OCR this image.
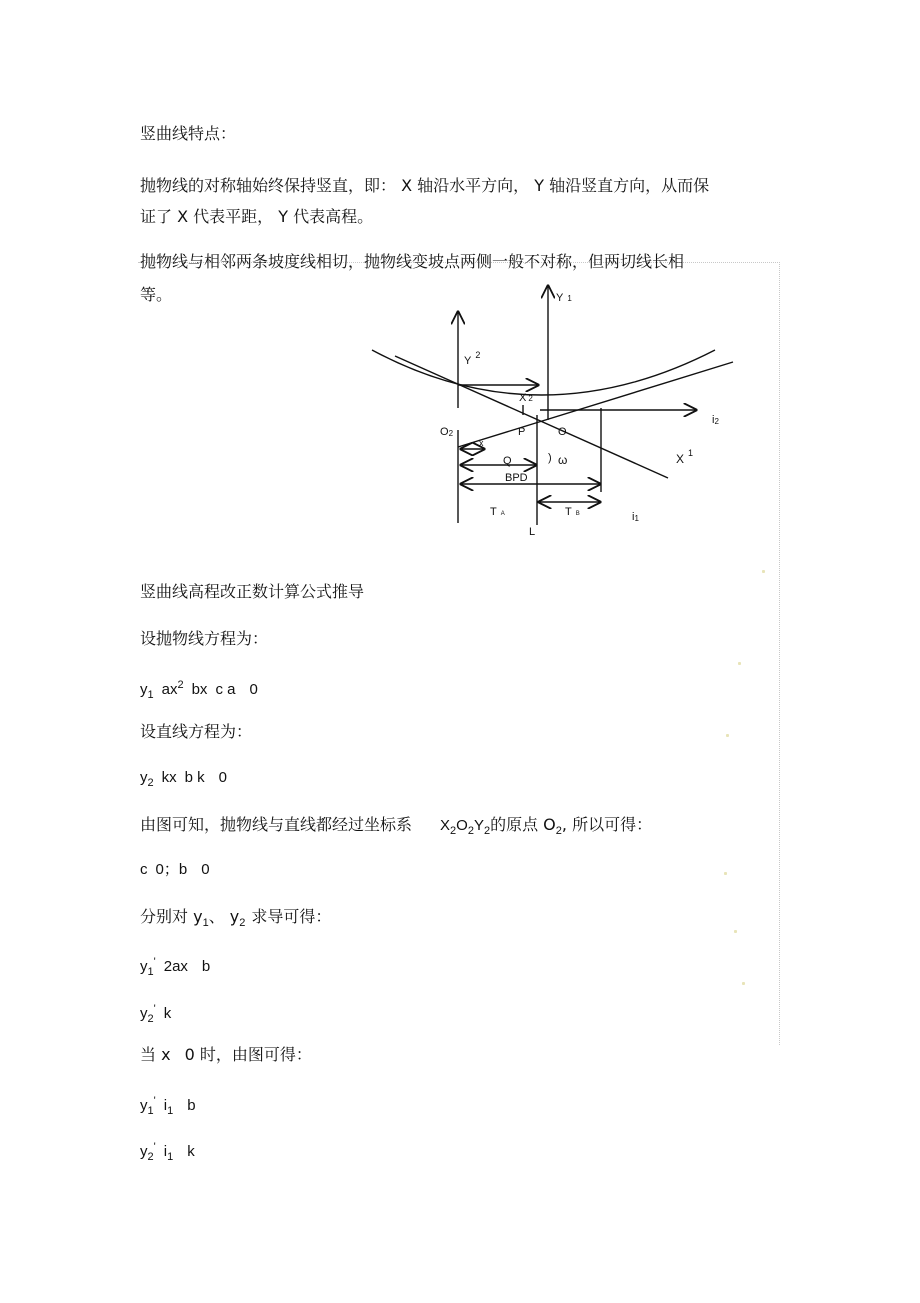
竖曲线特点：
抛物线的对称轴始终保持竖直，即： X 轴沿水平方向， Y 轴沿竖直方向，从而保
证了 X 代表平距， Y 代表高程。
抛物线与相邻两条坡度线相切，抛物线变坡点两侧一般不对称，但两切线长相
等。	Y 1
Y $^2$
X 2
O2	P	O
x
Q	) ω	X $^1$
i2
BPD
T A	T B	i1
L
竖曲线高程改正数计算公式推导
设抛物线方程为：
$y_1$ $ax^2$ bx c a 0
设直线方程为：
$y_2$ kx b k 0
由图可知，抛物线与直线都经过坐标系 $X_2O_2Y_2$的原点 $O_2$, 所以可得：
c 0；b 0
分别对 $y_1$、 $y_2$ 求导可得：
$y_1'$ 2ax b
$y_2'$ k
当 x 0 时，由图可得：
$y_1'$ $i_1$ b
$y_2'$ $i_1$ k
